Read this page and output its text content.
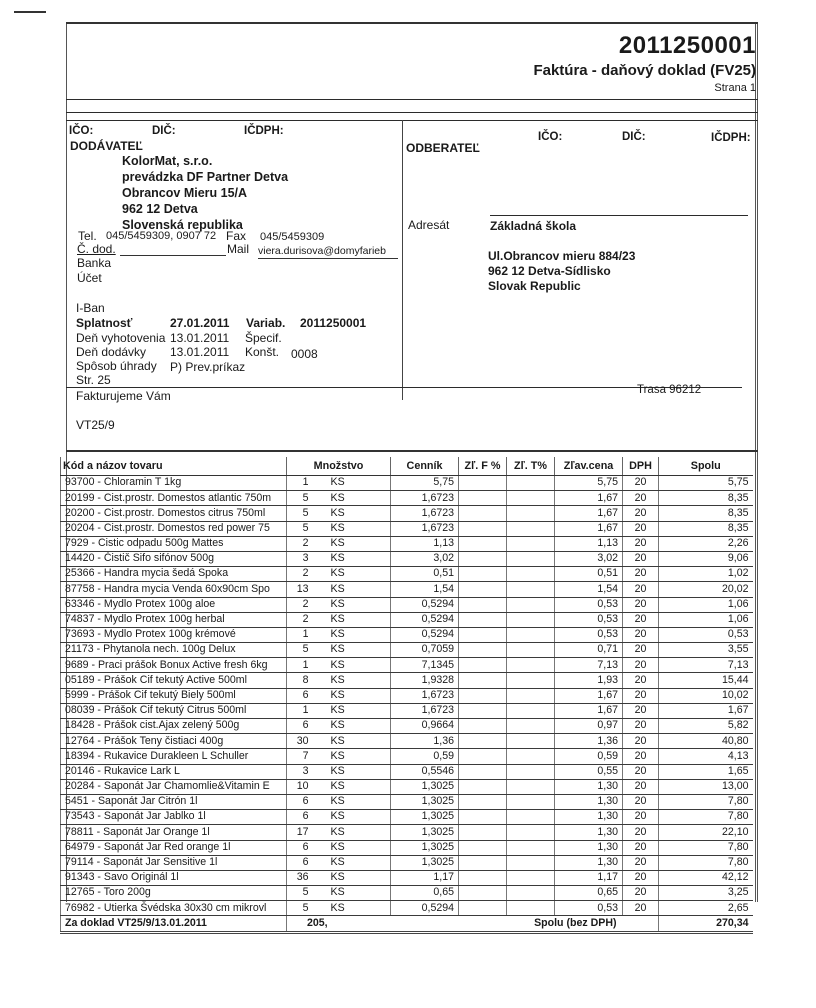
2011250001
Faktúra - daňový doklad (FV25)
Strana 1
IČO:	DIČ:	IČDPH:
DODÁVATEĽ
KolorMat, s.r.o.
prevádzka DF Partner Detva
Obrancov Mieru 15/A
962 12 Detva
Slovenská republika
Tel. 045/5459309, 0907 72 Fax 045/5459309
Č. dod.	Mail viera.durisova@domyfarieb
Banka
Účet
I-Ban
Splatnosť	27.01.2011 Variab. 2011250001
Deň vyhotovenia 13.01.2011 Špecif.
Deň dodávky 13.01.2011 Konšt. 0008
Spôsob úhrady P) Prev.príkaz
Str. 25
Trasa 96212
IČO:	DIČ:	IČDPH:
ODBERATEĽ
Adresát	Základná škola
Ul.Obrancov mieru 884/23
962 12 Detva-Sídlisko
Slovak Republic
Fakturujeme Vám
VT25/9
Kód a názov tovaru	Množstvo		Cenník	Zľ. F %	Zľ. T%	Zľav.cena	DPH	Spolu
93700 - Chloramin T 1kg	1	KS	5,75			5,75	20	5,75
20199 - Cist.prostr. Domestos atlantic 750m	5	KS	1,6723			1,67	20	8,35
20200 - Cist.prostr. Domestos citrus 750ml	5	KS	1,6723			1,67	20	8,35
20204 - Cist.prostr. Domestos red power 75	5	KS	1,6723			1,67	20	8,35
7929 - Cistic odpadu 500g Mattes	2	KS	1,13			1,13	20	2,26
14420 - Čistič Sifo sifónov 500g	3	KS	3,02			3,02	20	9,06
25366 - Handra mycia šedá Spoka	2	KS	0,51			0,51	20	1,02
87758 - Handra mycia Venda 60x90cm Spo	13	KS	1,54			1,54	20	20,02
63346 - Mydlo Protex 100g aloe	2	KS	0,5294			0,53	20	1,06
74837 - Mydlo Protex 100g herbal	2	KS	0,5294			0,53	20	1,06
73693 - Mydlo Protex 100g krémové	1	KS	0,5294			0,53	20	0,53
21173 - Phytanola nech. 100g Delux	5	KS	0,7059			0,71	20	3,55
9689 - Praci prášok Bonux Active fresh 6kg	1	KS	7,1345			7,13	20	7,13
05189 - Prášok Cif tekutý Active 500ml	8	KS	1,9328			1,93	20	15,44
5999 - Prášok Cif tekutý Biely 500ml	6	KS	1,6723			1,67	20	10,02
08039 - Prášok Cif tekutý Citrus 500ml	1	KS	1,6723			1,67	20	1,67
18428 - Prášok cist.Ajax zelený 500g	6	KS	0,9664			0,97	20	5,82
12764 - Prášok Teny čistiaci 400g	30	KS	1,36			1,36	20	40,80
18394 - Rukavice Durakleen L Schuller	7	KS	0,59			0,59	20	4,13
20146 - Rukavice Lark L	3	KS	0,5546			0,55	20	1,65
20284 - Saponát Jar Chamomlie&Vitamin E	10	KS	1,3025			1,30	20	13,00
5451 - Saponát Jar Citrón 1l	6	KS	1,3025			1,30	20	7,80
73543 - Saponát Jar Jablko 1l	6	KS	1,3025			1,30	20	7,80
78811 - Saponát Jar Orange 1l	17	KS	1,3025			1,30	20	22,10
64979 - Saponát Jar Red orange 1l	6	KS	1,3025			1,30	20	7,80
79114 - Saponát Jar Sensitive 1l	6	KS	1,3025			1,30	20	7,80
91343 - Savo Originál 1l	36	KS	1,17			1,17	20	42,12
12765 - Toro 200g	5	KS	0,65			0,65	20	3,25
76982 - Utierka Švédska 30x30 cm mikrovl	5	KS	0,5294			0,53	20	2,65
Za doklad VT25/9/13.01.2011	205,			Spolu (bez DPH)				270,34
